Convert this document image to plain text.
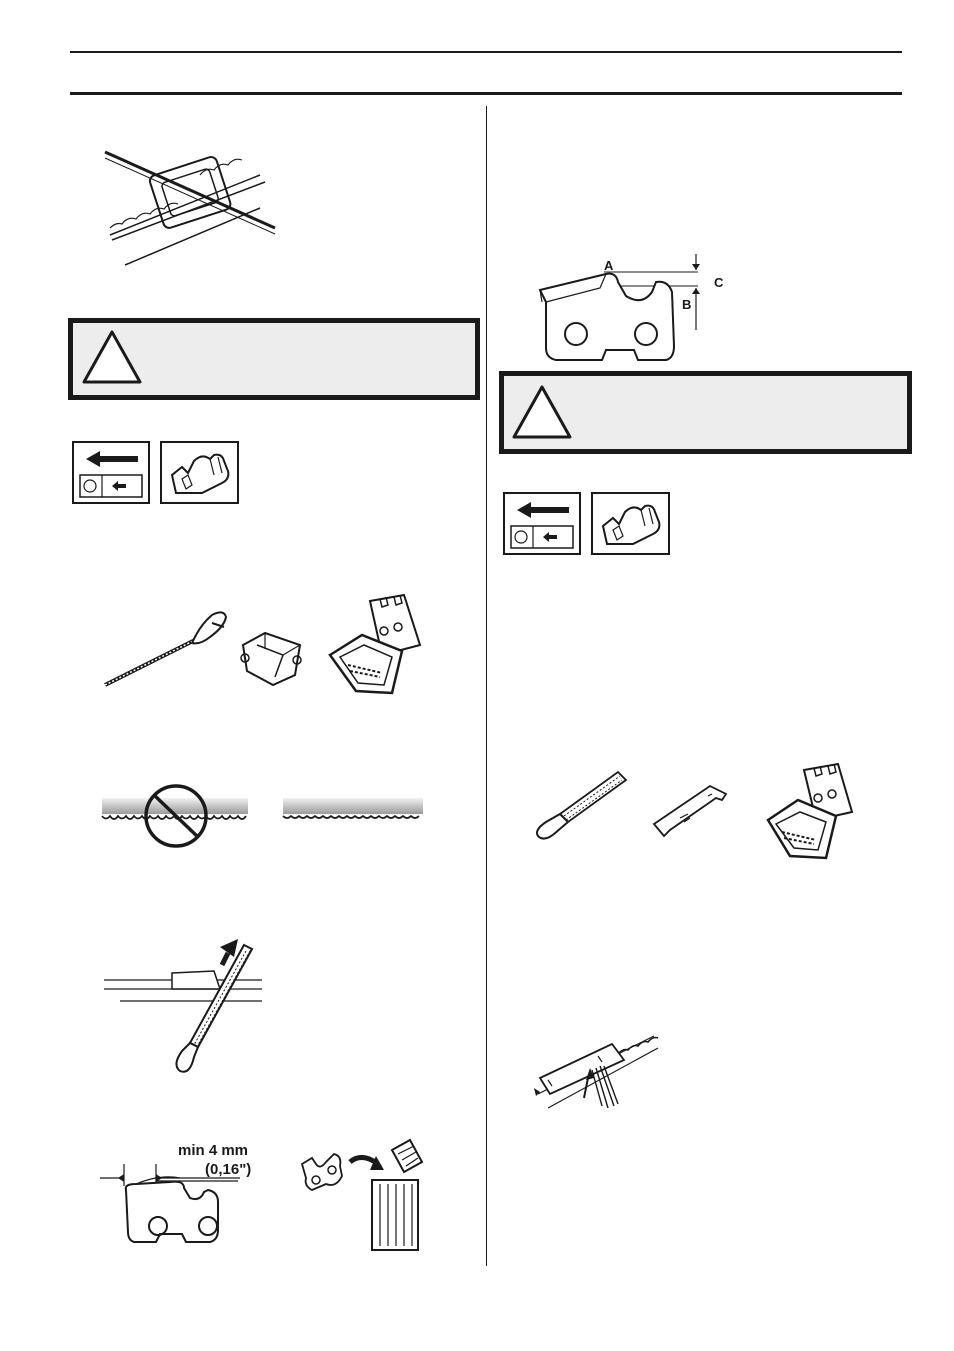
min 4 mm
(0,16")
A
B
C
